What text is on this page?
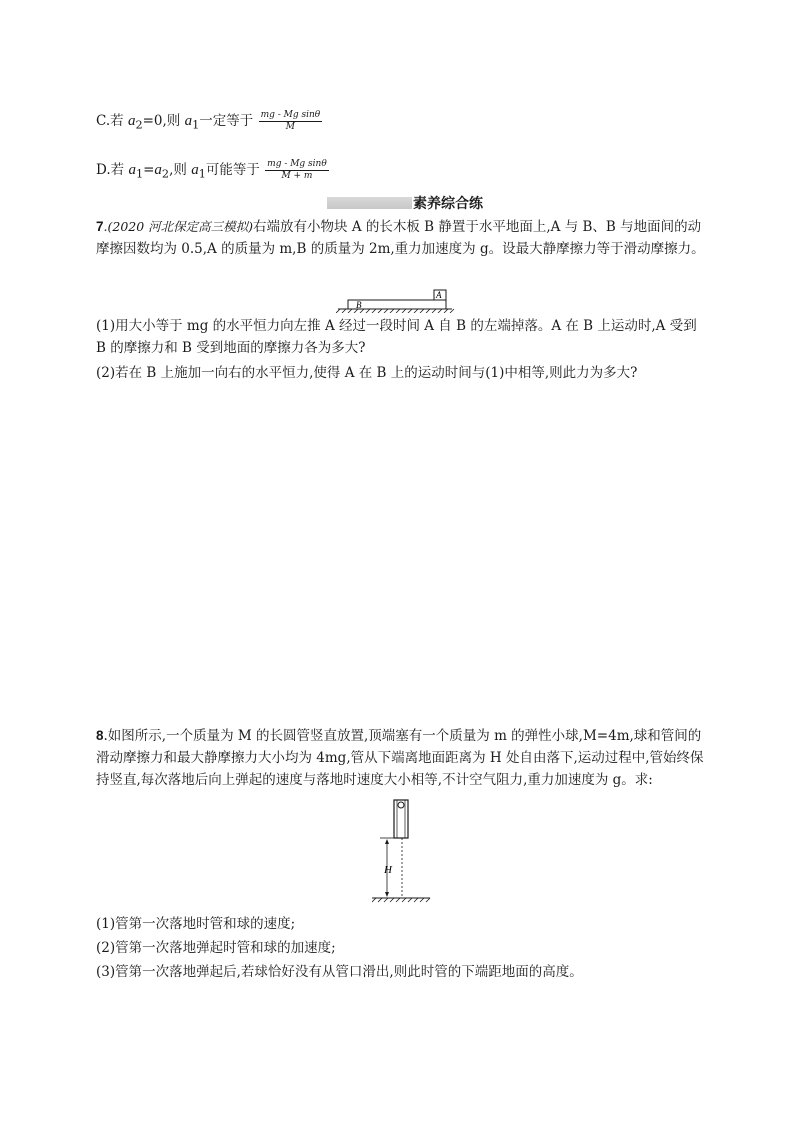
C.若 $a_2=0$,则 $a_1$一定等于 $\frac{\text{mg - Mg sinθ}}{M}$
D.若 $a_1=a_2$,则 $a_1$可能等于 $\frac{\text{mg - Mg sinθ}}{M + m}$
素养综合练
7.(2020 河北保定高三模拟)右端放有小物块 A 的长木板 B 静置于水平地面上,A 与 B、B 与地面间的动摩擦因数均为 0.5,A 的质量为 m,B 的质量为 2m,重力加速度为 g。设最大静摩擦力等于滑动摩擦力。
A
B
(1)用大小等于 mg 的水平恒力向左推 A 经过一段时间 A 自 B 的左端掉落。A 在 B 上运动时,A 受到 B 的摩擦力和 B 受到地面的摩擦力各为多大?
(2)若在 B 上施加一向右的水平恒力,使得 A 在 B 上的运动时间与(1)中相等,则此力为多大?
8.如图所示,一个质量为 M 的长圆管竖直放置,顶端塞有一个质量为 m 的弹性小球,M=4m,球和管间的滑动摩擦力和最大静摩擦力大小均为 4mg,管从下端离地面距离为 H 处自由落下,运动过程中,管始终保持竖直,每次落地后向上弹起的速度与落地时速度大小相等,不计空气阻力,重力加速度为 g。求:
H
(1)管第一次落地时管和球的速度;
(2)管第一次落地弹起时管和球的加速度;
(3)管第一次落地弹起后,若球恰好没有从管口滑出,则此时管的下端距地面的高度。
